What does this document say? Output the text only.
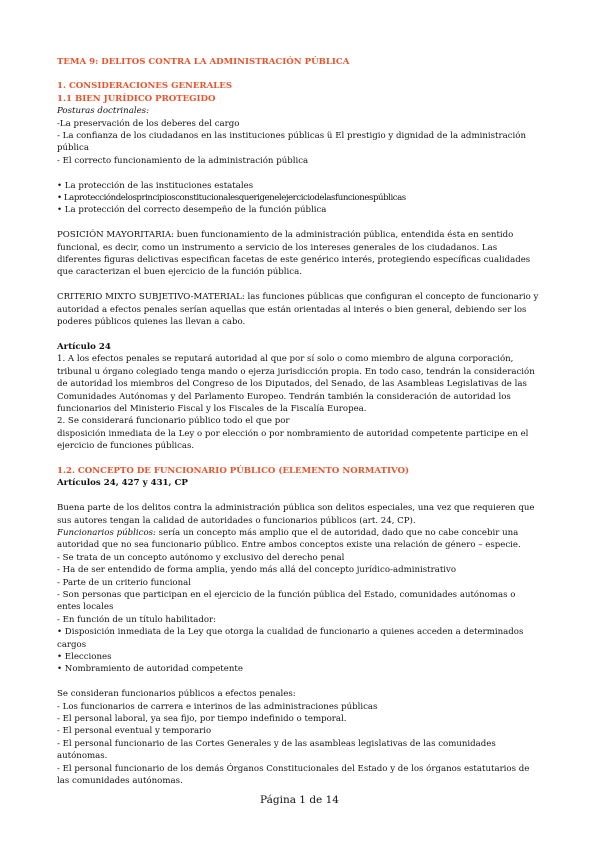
TEMA 9: DELITOS CONTRA LA ADMINISTRACIÓN PÚBLICA
1. CONSIDERACIONES GENERALES
1.1 BIEN JURÍDICO PROTEGIDO
Posturas doctrinales:
-La preservación de los deberes del cargo
- La confianza de los ciudadanos en las instituciones públicas ü El prestigio y dignidad de la administración pública
- El correcto funcionamiento de la administración pública
• La protección de las instituciones estatales
• Laproteccióndelosprincipiosconstitucionalesquerigenelejerciciodelasfuncionespúblicas
• La protección del correcto desempeño de la función pública
POSICIÓN MAYORITARIA: buen funcionamiento de la administración pública, entendida ésta en sentido funcional, es decir, como un instrumento a servicio de los intereses generales de los ciudadanos. Las diferentes figuras delictivas especifican facetas de este genérico interés, protegiendo específicas cualidades que caracterizan el buen ejercicio de la función pública.
CRITERIO MIXTO SUBJETIVO-MATERIAL: las funciones públicas que configuran el concepto de funcionario y autoridad a efectos penales serían aquellas que están orientadas al interés o bien general, debiendo ser los poderes públicos quienes las llevan a cabo.
Artículo 24
1. A los efectos penales se reputará autoridad al que por sí solo o como miembro de alguna corporación, tribunal u órgano colegiado tenga mando o ejerza jurisdicción propia. En todo caso, tendrán la consideración de autoridad los miembros del Congreso de los Diputados, del Senado, de las Asambleas Legislativas de las Comunidades Autónomas y del Parlamento Europeo. Tendrán también la consideración de autoridad los funcionarios del Ministerio Fiscal y los Fiscales de la Fiscalía Europea.
2. Se considerará funcionario público todo el que por
disposición inmediata de la Ley o por elección o por nombramiento de autoridad competente participe en el ejercicio de funciones públicas.
1.2. CONCEPTO DE FUNCIONARIO PÚBLICO (ELEMENTO NORMATIVO)
Artículos 24, 427 y 431, CP
Buena parte de los delitos contra la administración pública son delitos especiales, una vez que requieren que sus autores tengan la calidad de autoridades o funcionarios públicos (art. 24, CP).
Funcionarios públicos: sería un concepto más amplio que el de autoridad, dado que no cabe concebir una autoridad que no sea funcionario público. Entre ambos conceptos existe una relación de género – especie.
- Se trata de un concepto autónomo y exclusivo del derecho penal
- Ha de ser entendido de forma amplia, yendo más allá del concepto jurídico-administrativo
- Parte de un criterio funcional
- Son personas que participan en el ejercicio de la función pública del Estado, comunidades autónomas o entes locales
- En función de un título habilitador:
• Disposición inmediata de la Ley que otorga la cualidad de funcionario a quienes acceden a determinados cargos
• Elecciones
• Nombramiento de autoridad competente
Se consideran funcionarios públicos a efectos penales:
- Los funcionarios de carrera e interinos de las administraciones públicas
- El personal laboral, ya sea fijo, por tiempo indefinido o temporal.
- El personal eventual y temporario
- El personal funcionario de las Cortes Generales y de las asambleas legislativas de las comunidades autónomas.
- El personal funcionario de los demás Órganos Constitucionales del Estado y de los órganos estatutarios de las comunidades autónomas.
Página 1 de 14
